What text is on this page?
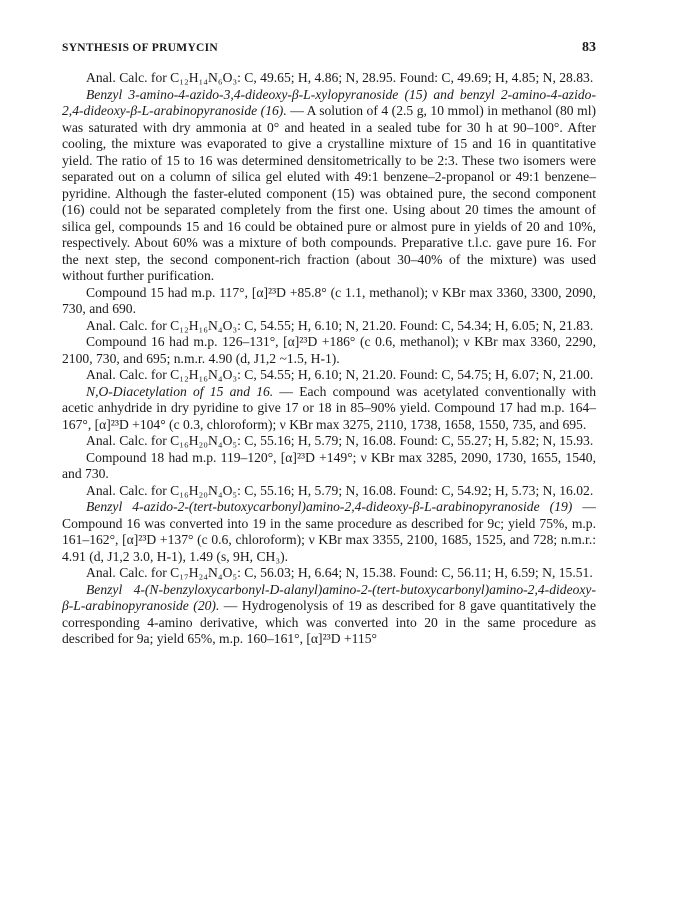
SYNTHESIS OF PRUMYCIN	83

Anal. Calc. for C₁₂H₁₄N₆O₃: C, 49.65; H, 4.86; N, 28.95. Found: C, 49.69; H, 4.85; N, 28.83.

Benzyl 3-amino-4-azido-3,4-dideoxy-β-L-xylopyranoside (15) and benzyl 2-amino-4-azido-2,4-dideoxy-β-L-arabinopyranoside (16). — A solution of 4 (2.5 g, 10 mmol) in methanol (80 ml) was saturated with dry ammonia at 0° and heated in a sealed tube for 30 h at 90–100°. After cooling, the mixture was evaporated to give a crystalline mixture of 15 and 16 in quantitative yield. The ratio of 15 to 16 was determined densitometrically to be 2:3. These two isomers were separated out on a column of silica gel eluted with 49:1 benzene–2-propanol or 49:1 benzene–pyridine. Although the faster-eluted component (15) was obtained pure, the second component (16) could not be separated completely from the first one. Using about 20 times the amount of silica gel, compounds 15 and 16 could be obtained pure or almost pure in yields of 20 and 10%, respectively. About 60% was a mixture of both compounds. Preparative t.l.c. gave pure 16. For the next step, the second component-rich fraction (about 30–40% of the mixture) was used without further purification.

Compound 15 had m.p. 117°, [α]²³D +85.8° (c 1.1, methanol); ν KBr max 3360, 3300, 2090, 730, and 690.

Anal. Calc. for C₁₂H₁₆N₄O₃: C, 54.55; H, 6.10; N, 21.20. Found: C, 54.34; H, 6.05; N, 21.83.

Compound 16 had m.p. 126–131°, [α]²³D +186° (c 0.6, methanol); ν KBr max 3360, 2290, 2100, 730, and 695; n.m.r. 4.90 (d, J1,2 ~1.5, H-1).

Anal. Calc. for C₁₂H₁₆N₄O₃: C, 54.55; H, 6.10; N, 21.20. Found: C, 54.75; H, 6.07; N, 21.00.

N,O-Diacetylation of 15 and 16. — Each compound was acetylated conventionally with acetic anhydride in dry pyridine to give 17 or 18 in 85–90% yield. Compound 17 had m.p. 164–167°, [α]²³D +104° (c 0.3, chloroform); ν KBr max 3275, 2110, 1738, 1658, 1550, 735, and 695.

Anal. Calc. for C₁₆H₂₀N₄O₅: C, 55.16; H, 5.79; N, 16.08. Found: C, 55.27; H, 5.82; N, 15.93.

Compound 18 had m.p. 119–120°, [α]²³D +149°; ν KBr max 3285, 2090, 1730, 1655, 1540, and 730.

Anal. Calc. for C₁₆H₂₀N₄O₅: C, 55.16; H, 5.79; N, 16.08. Found: C, 54.92; H, 5.73; N, 16.02.

Benzyl 4-azido-2-(tert-butoxycarbonyl)amino-2,4-dideoxy-β-L-arabinopyranoside (19) — Compound 16 was converted into 19 in the same procedure as described for 9c; yield 75%, m.p. 161–162°, [α]²³D +137° (c 0.6, chloroform); ν KBr max 3355, 2100, 1685, 1525, and 728; n.m.r.: 4.91 (d, J1,2 3.0, H-1), 1.49 (s, 9H, CH₃).

Anal. Calc. for C₁₇H₂₄N₄O₅: C, 56.03; H, 6.64; N, 15.38. Found: C, 56.11; H, 6.59; N, 15.51.

Benzyl 4-(N-benzyloxycarbonyl-D-alanyl)amino-2-(tert-butoxycarbonyl)amino-2,4-dideoxy-β-L-arabinopyranoside (20). — Hydrogenolysis of 19 as described for 8 gave quantitatively the corresponding 4-amino derivative, which was converted into 20 in the same procedure as described for 9a; yield 65%, m.p. 160–161°, [α]²³D +115°
